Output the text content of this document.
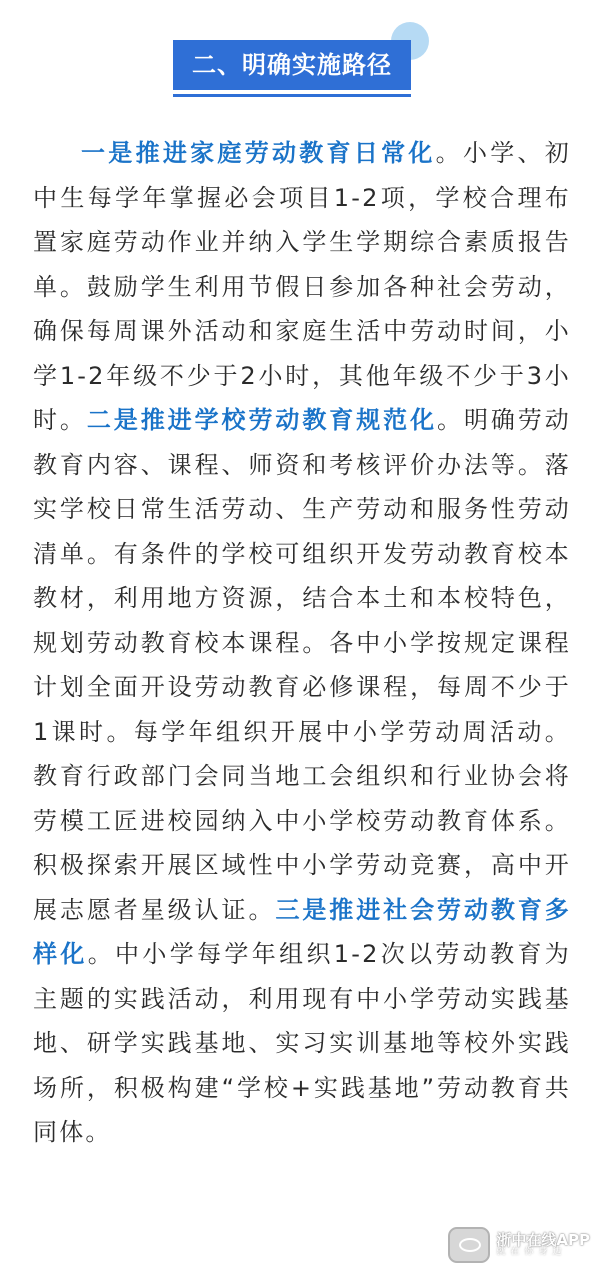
二、明确实施路径

一是推进家庭劳动教育日常化。小学、初中生每学年掌握必会项目1-2项，学校合理布置家庭劳动作业并纳入学生学期综合素质报告单。鼓励学生利用节假日参加各种社会劳动，确保每周课外活动和家庭生活中劳动时间，小学1-2年级不少于2小时，其他年级不少于3小时。二是推进学校劳动教育规范化。明确劳动教育内容、课程、师资和考核评价办法等。落实学校日常生活劳动、生产劳动和服务性劳动清单。有条件的学校可组织开发劳动教育校本教材，利用地方资源，结合本土和本校特色，规划劳动教育校本课程。各中小学按规定课程计划全面开设劳动教育必修课程，每周不少于1课时。每学年组织开展中小学劳动周活动。教育行政部门会同当地工会组织和行业协会将劳模工匠进校园纳入中小学校劳动教育体系。积极探索开展区域性中小学劳动竞赛，高中开展志愿者星级认证。三是推进社会劳动教育多样化。中小学每学年组织1-2次以劳动教育为主题的实践活动，利用现有中小学劳动实践基地、研学实践基地、实习实训基地等校外实践场所，积极构建“学校+实践基地”劳动教育共同体。

浙中在线APP
就在你身边
